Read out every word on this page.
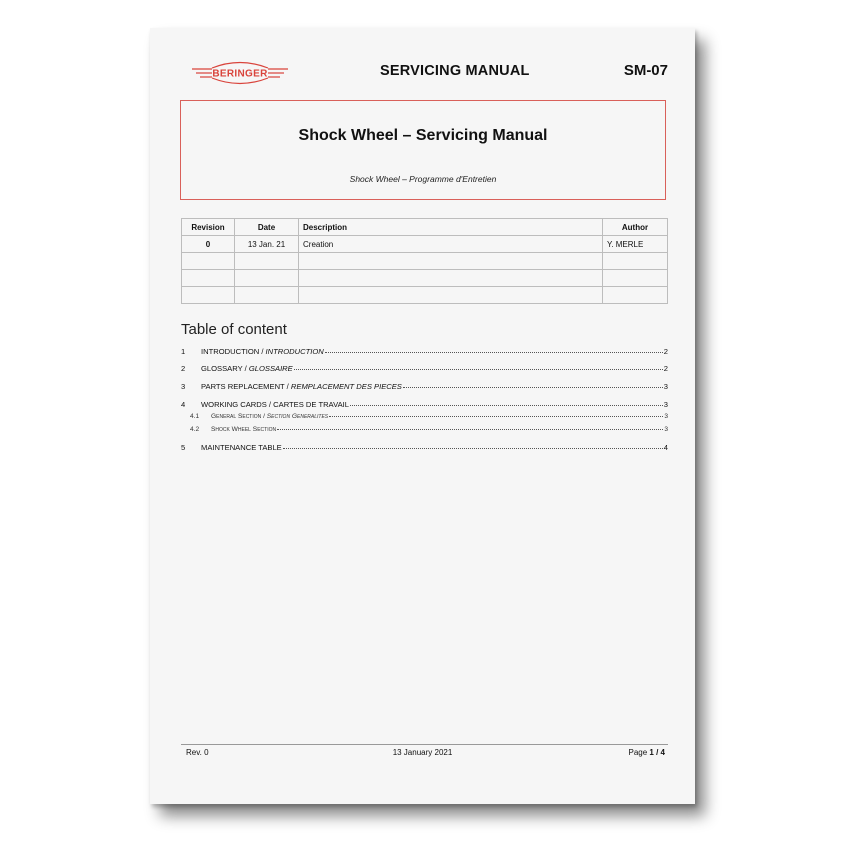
BERINGER	SERVICING MANUAL	SM-07
Shock Wheel – Servicing Manual
Shock Wheel – Programme d'Entretien
Revision	Date	Description	Author
0	13 Jan. 21	Creation	Y. MERLE

Table of content
1	INTRODUCTION / INTRODUCTION	2
2	GLOSSARY / GLOSSAIRE	2
3	PARTS REPLACEMENT / REMPLACEMENT DES PIECES	3
4	WORKING CARDS / CARTES DE TRAVAIL	3
4.1	General Section / Section Generalites	3
4.2	Shock Wheel Section	3
5	MAINTENANCE TABLE	4
Rev. 0	13 January 2021	Page 1 / 4
